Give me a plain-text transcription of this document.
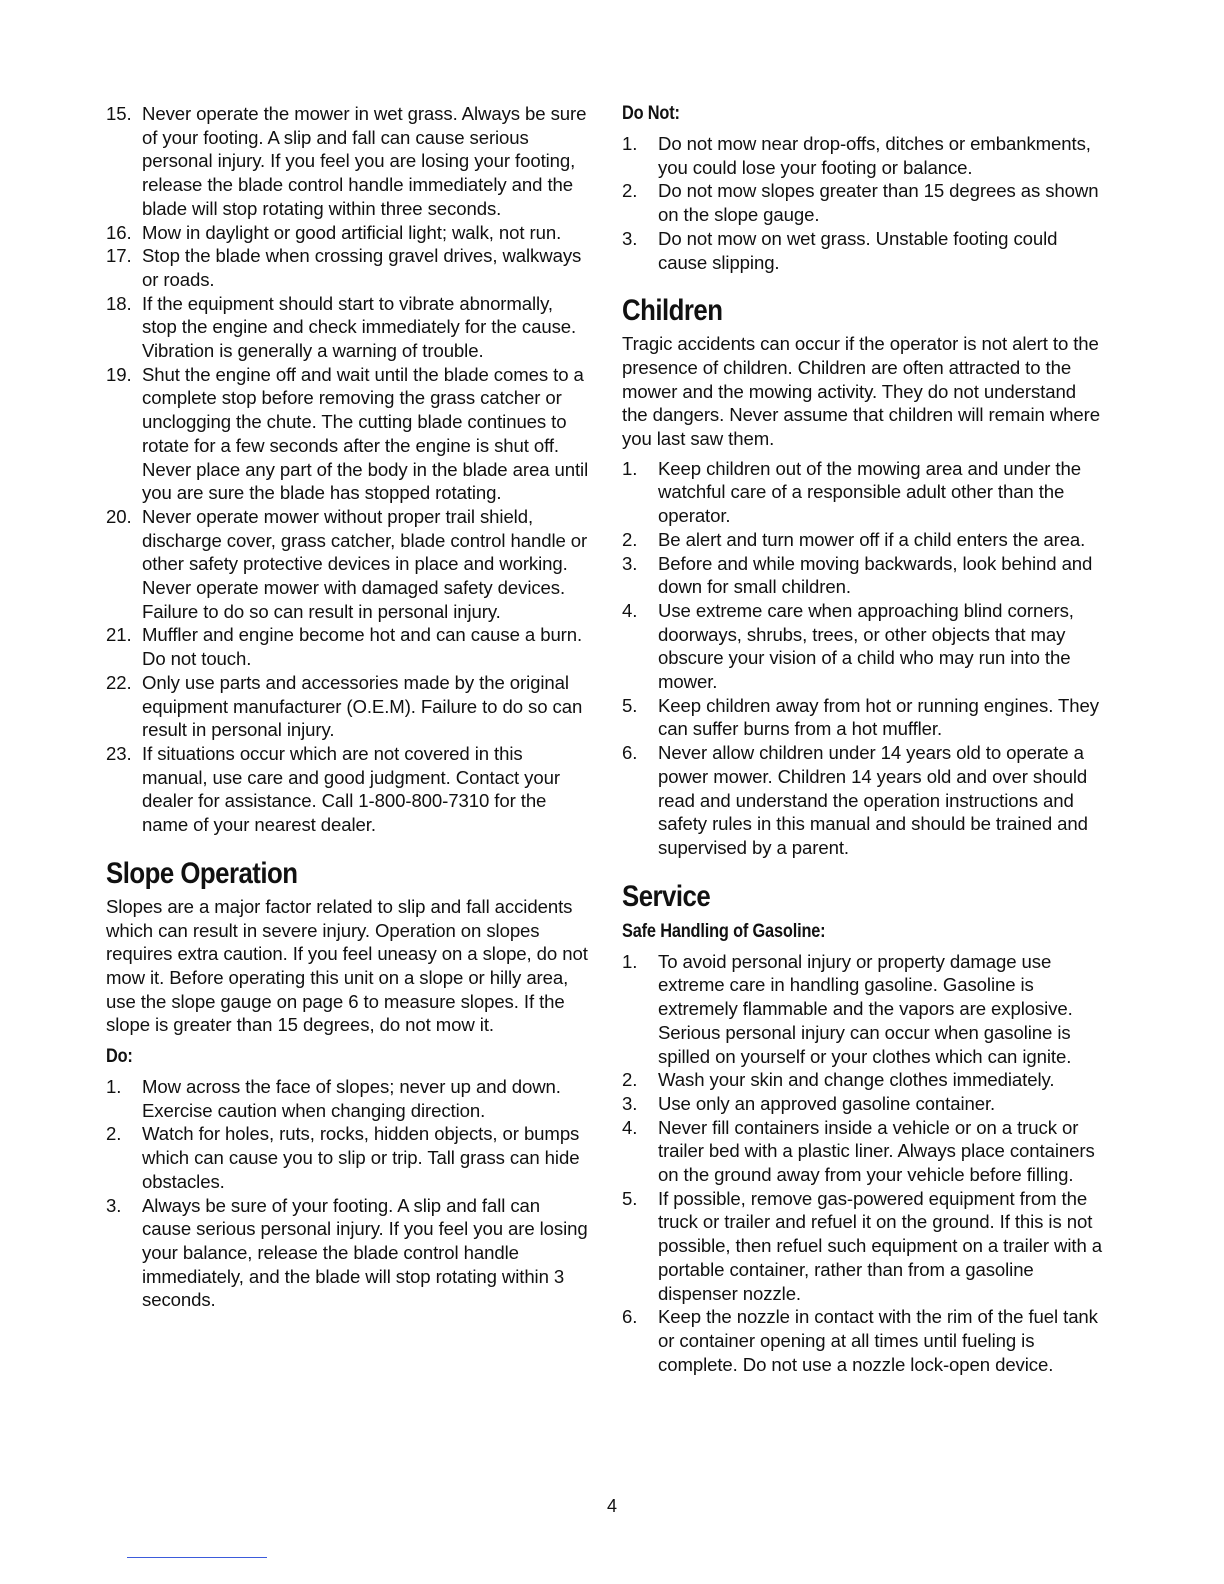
15. Never operate the mower in wet grass. Always be sure of your footing. A slip and fall can cause serious personal injury. If you feel you are losing your footing, release the blade control handle immediately and the blade will stop rotating within three seconds.
16. Mow in daylight or good artificial light; walk, not run.
17. Stop the blade when crossing gravel drives, walkways or roads.
18. If the equipment should start to vibrate abnormally, stop the engine and check immediately for the cause. Vibration is generally a warning of trouble.
19. Shut the engine off and wait until the blade comes to a complete stop before removing the grass catcher or unclogging the chute. The cutting blade continues to rotate for a few seconds after the engine is shut off. Never place any part of the body in the blade area until you are sure the blade has stopped rotating.
20. Never operate mower without proper trail shield, discharge cover, grass catcher, blade control handle or other safety protective devices in place and working. Never operate mower with damaged safety devices. Failure to do so can result in personal injury.
21. Muffler and engine become hot and can cause a burn. Do not touch.
22. Only use parts and accessories made by the original equipment manufacturer (O.E.M). Failure to do so can result in personal injury.
23. If situations occur which are not covered in this manual, use care and good judgment. Contact your dealer for assistance. Call 1-800-800-7310 for the name of your nearest dealer.
Slope Operation

Slopes are a major factor related to slip and fall accidents which can result in severe injury. Operation on slopes requires extra caution. If you feel uneasy on a slope, do not mow it. Before operating this unit on a slope or hilly area, use the slope gauge on page 6 to measure slopes. If the slope is greater than 15 degrees, do not mow it.

Do:
1. Mow across the face of slopes; never up and down. Exercise caution when changing direction.
2. Watch for holes, ruts, rocks, hidden objects, or bumps which can cause you to slip or trip. Tall grass can hide obstacles.
3. Always be sure of your footing. A slip and fall can cause serious personal injury. If you feel you are losing your balance, release the blade control handle immediately, and the blade will stop rotating within 3 seconds.
Do Not:
1. Do not mow near drop-offs, ditches or embankments, you could lose your footing or balance.
2. Do not mow slopes greater than 15 degrees as shown on the slope gauge.
3. Do not mow on wet grass. Unstable footing could cause slipping.
Children

Tragic accidents can occur if the operator is not alert to the presence of children. Children are often attracted to the mower and the mowing activity. They do not understand the dangers. Never assume that children will remain where you last saw them.

1. Keep children out of the mowing area and under the watchful care of a responsible adult other than the operator.
2. Be alert and turn mower off if a child enters the area.
3. Before and while moving backwards, look behind and down for small children.
4. Use extreme care when approaching blind corners, doorways, shrubs, trees, or other objects that may obscure your vision of a child who may run into the mower.
5. Keep children away from hot or running engines. They can suffer burns from a hot muffler.
6. Never allow children under 14 years old to operate a power mower. Children 14 years old and over should read and understand the operation instructions and safety rules in this manual and should be trained and supervised by a parent.
Service
Safe Handling of Gasoline:
1. To avoid personal injury or property damage use extreme care in handling gasoline. Gasoline is extremely flammable and the vapors are explosive. Serious personal injury can occur when gasoline is spilled on yourself or your clothes which can ignite.
2. Wash your skin and change clothes immediately.
3. Use only an approved gasoline container.
4. Never fill containers inside a vehicle or on a truck or trailer bed with a plastic liner. Always place containers on the ground away from your vehicle before filling.
5. If possible, remove gas-powered equipment from the truck or trailer and refuel it on the ground. If this is not possible, then refuel such equipment on a trailer with a portable container, rather than from a gasoline dispenser nozzle.
6. Keep the nozzle in contact with the rim of the fuel tank or container opening at all times until fueling is complete. Do not use a nozzle lock-open device.
4
